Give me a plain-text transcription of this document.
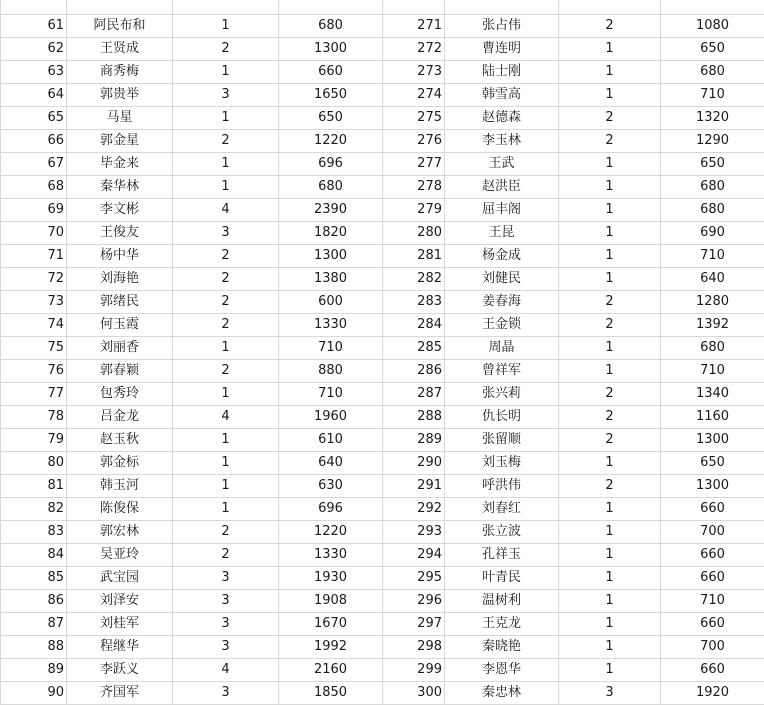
61	阿民布和	1	680	271	张占伟	2	1080
62	王贤成	2	1300	272	曹连明	1	650
63	商秀梅	1	660	273	陆士刚	1	680
64	郭贵举	3	1650	274	韩雪高	1	710
65	马星	1	650	275	赵德森	2	1320
66	郭金星	2	1220	276	李玉林	2	1290
67	毕金来	1	696	277	王武	1	650
68	秦华林	1	680	278	赵洪臣	1	680
69	李文彬	4	2390	279	屈丰阁	1	680
70	王俊友	3	1820	280	王昆	1	690
71	杨中华	2	1300	281	杨金成	1	710
72	刘海艳	2	1380	282	刘健民	1	640
73	郭绪民	2	600	283	姜春海	2	1280
74	何玉霞	2	1330	284	王金锁	2	1392
75	刘丽香	1	710	285	周晶	1	680
76	郭春颖	2	880	286	曾祥军	1	710
77	包秀玲	1	710	287	张兴莉	2	1340
78	吕金龙	4	1960	288	仇长明	2	1160
79	赵玉秋	1	610	289	张留顺	2	1300
80	郭金标	1	640	290	刘玉梅	1	650
81	韩玉河	1	630	291	呼洪伟	2	1300
82	陈俊保	1	696	292	刘春红	1	660
83	郭宏林	2	1220	293	张立波	1	700
84	吴亚玲	2	1330	294	孔祥玉	1	660
85	武宝园	3	1930	295	叶青民	1	660
86	刘泽安	3	1908	296	温树利	1	710
87	刘桂军	3	1670	297	王克龙	1	660
88	程继华	3	1992	298	秦晓艳	1	700
89	李跃义	4	2160	299	李恩华	1	660
90	齐国军	3	1850	300	秦忠林	3	1920
